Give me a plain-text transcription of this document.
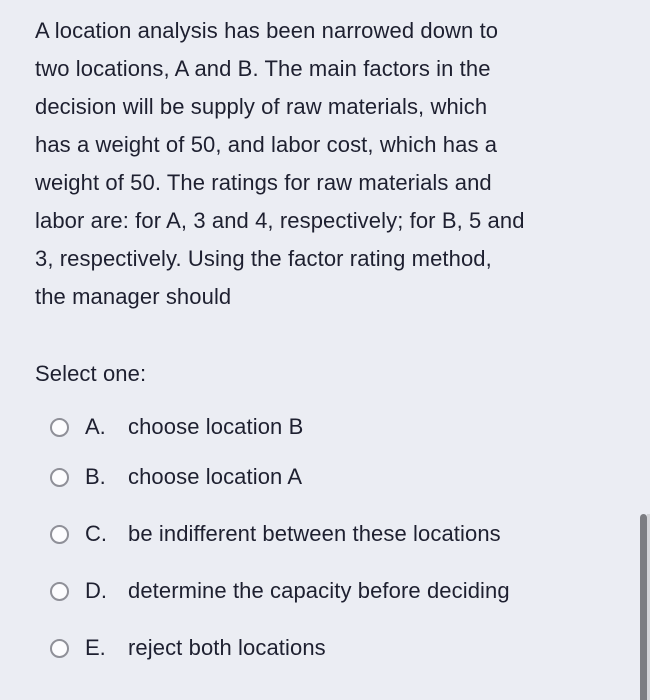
A location analysis has been narrowed down to
two locations, A and B. The main factors in the
decision will be supply of raw materials, which
has a weight of 50, and labor cost, which has a
weight of 50. The ratings for raw materials and
labor are: for A, 3 and 4, respectively; for B, 5 and
3, respectively. Using the factor rating method,
the manager should
Select one:
A.	choose location B
B.	choose location A
C. be indifferent between these locations
D. determine the capacity before deciding
E.	reject both locations
